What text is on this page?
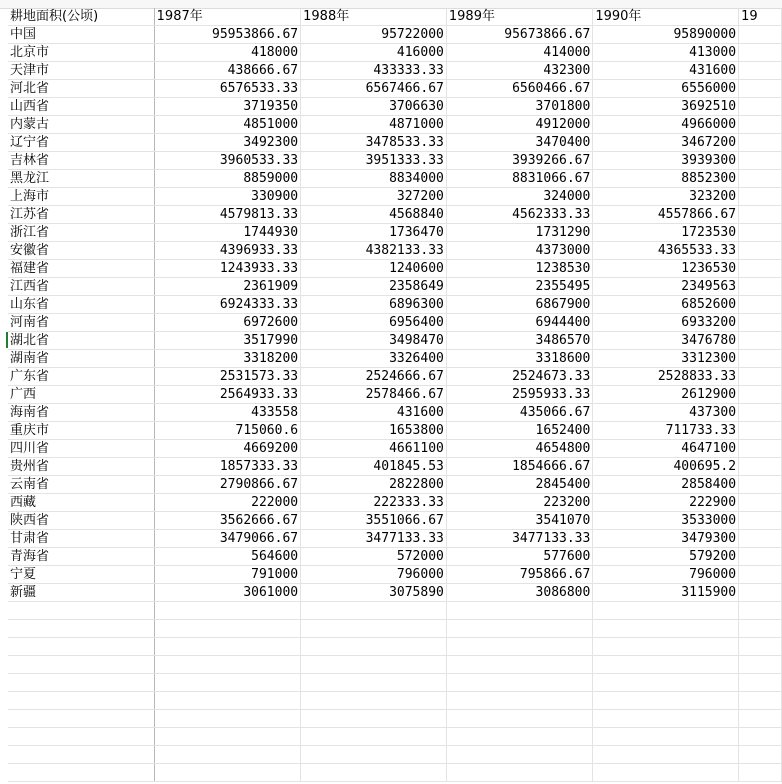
耕地面积(公顷)	1987年	1988年	1989年	1990年	19
中国	95953866.67	95722000	95673866.67	95890000	
北京市	418000	416000	414000	413000	
天津市	438666.67	433333.33	432300	431600	
河北省	6576533.33	6567466.67	6560466.67	6556000	
山西省	3719350	3706630	3701800	3692510	
内蒙古	4851000	4871000	4912000	4966000	
辽宁省	3492300	3478533.33	3470400	3467200	
吉林省	3960533.33	3951333.33	3939266.67	3939300	
黑龙江	8859000	8834000	8831066.67	8852300	
上海市	330900	327200	324000	323200	
江苏省	4579813.33	4568840	4562333.33	4557866.67	
浙江省	1744930	1736470	1731290	1723530	
安徽省	4396933.33	4382133.33	4373000	4365533.33	
福建省	1243933.33	1240600	1238530	1236530	
江西省	2361909	2358649	2355495	2349563	
山东省	6924333.33	6896300	6867900	6852600	
河南省	6972600	6956400	6944400	6933200	
湖北省	3517990	3498470	3486570	3476780	
湖南省	3318200	3326400	3318600	3312300	
广东省	2531573.33	2524666.67	2524673.33	2528833.33	
广西	2564933.33	2578466.67	2595933.33	2612900	
海南省	433558	431600	435066.67	437300	
重庆市	715060.6	1653800	1652400	711733.33	
四川省	4669200	4661100	4654800	4647100	
贵州省	1857333.33	401845.53	1854666.67	400695.2	
云南省	2790866.67	2822800	2845400	2858400	
西藏	222000	222333.33	223200	222900	
陕西省	3562666.67	3551066.67	3541070	3533000	
甘肃省	3479066.67	3477133.33	3477133.33	3479300	
青海省	564600	572000	577600	579200	
宁夏	791000	796000	795866.67	796000	
新疆	3061000	3075890	3086800	3115900	
